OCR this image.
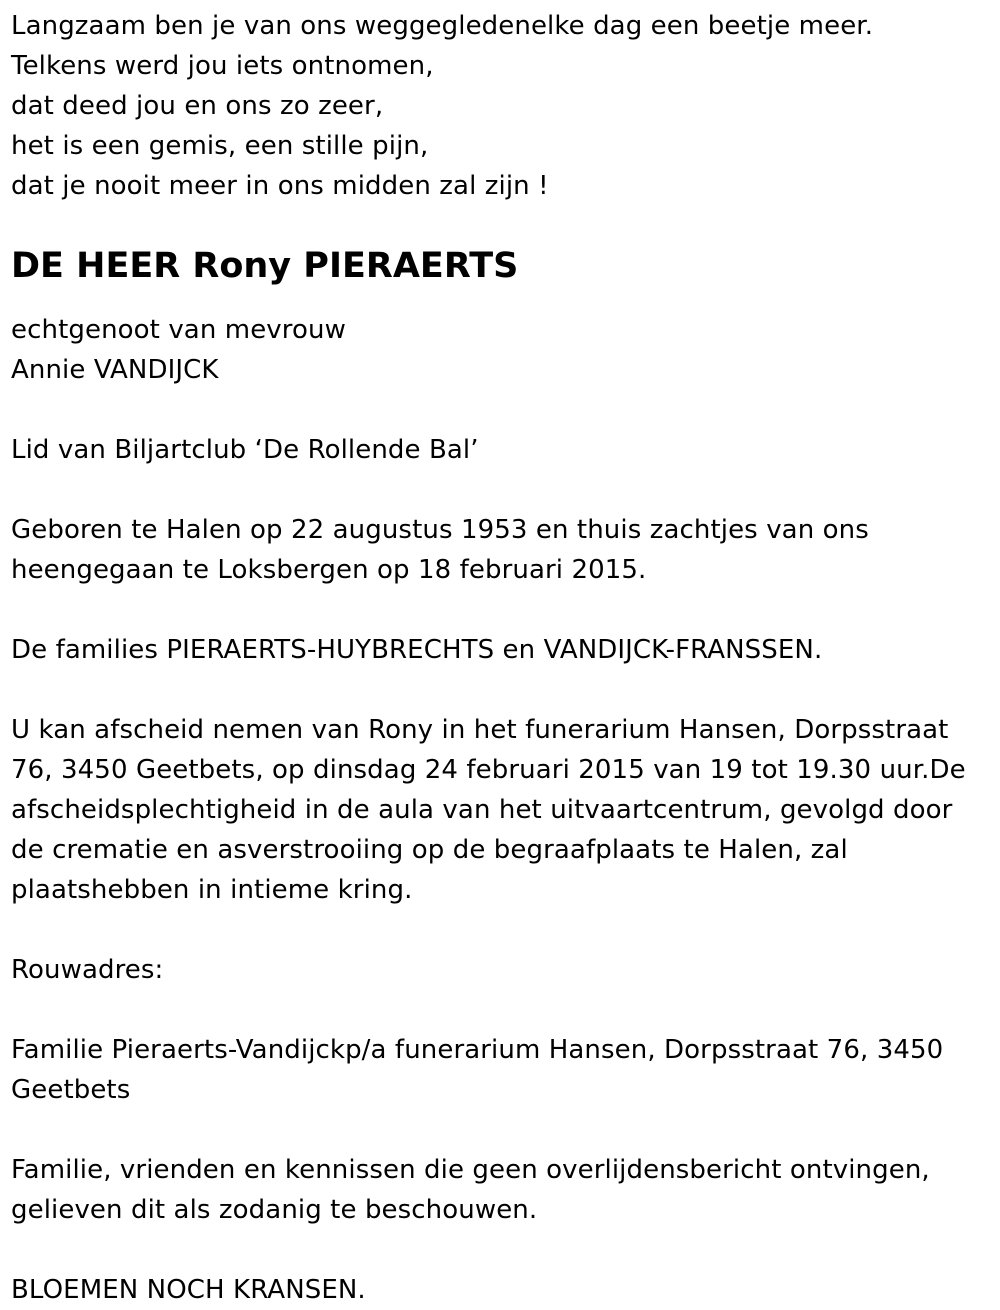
Langzaam ben je van ons weggegledenelke dag een beetje meer.
Telkens werd jou iets ontnomen,
dat deed jou en ons zo zeer,
het is een gemis, een stille pijn,
dat je nooit meer in ons midden zal zijn !
DE HEER Rony PIERAERTS
echtgenoot van mevrouw
Annie VANDIJCK
Lid van Biljartclub ‘De Rollende Bal’
Geboren te Halen op 22 augustus 1953 en thuis zachtjes van ons
heengegaan te Loksbergen op 18 februari 2015.
De families PIERAERTS-HUYBRECHTS en VANDIJCK-FRANSSEN.
U kan afscheid nemen van Rony in het funerarium Hansen, Dorpsstraat
76, 3450 Geetbets, op dinsdag 24 februari 2015 van 19 tot 19.30 uur.De
afscheidsplechtigheid in de aula van het uitvaartcentrum, gevolgd door
de crematie en asverstrooiing op de begraafplaats te Halen, zal
plaatshebben in intieme kring.
Rouwadres:
Familie Pieraerts-Vandijckp/a funerarium Hansen, Dorpsstraat 76, 3450
Geetbets
Familie, vrienden en kennissen die geen overlijdensbericht ontvingen,
gelieven dit als zodanig te beschouwen.
BLOEMEN NOCH KRANSEN.
